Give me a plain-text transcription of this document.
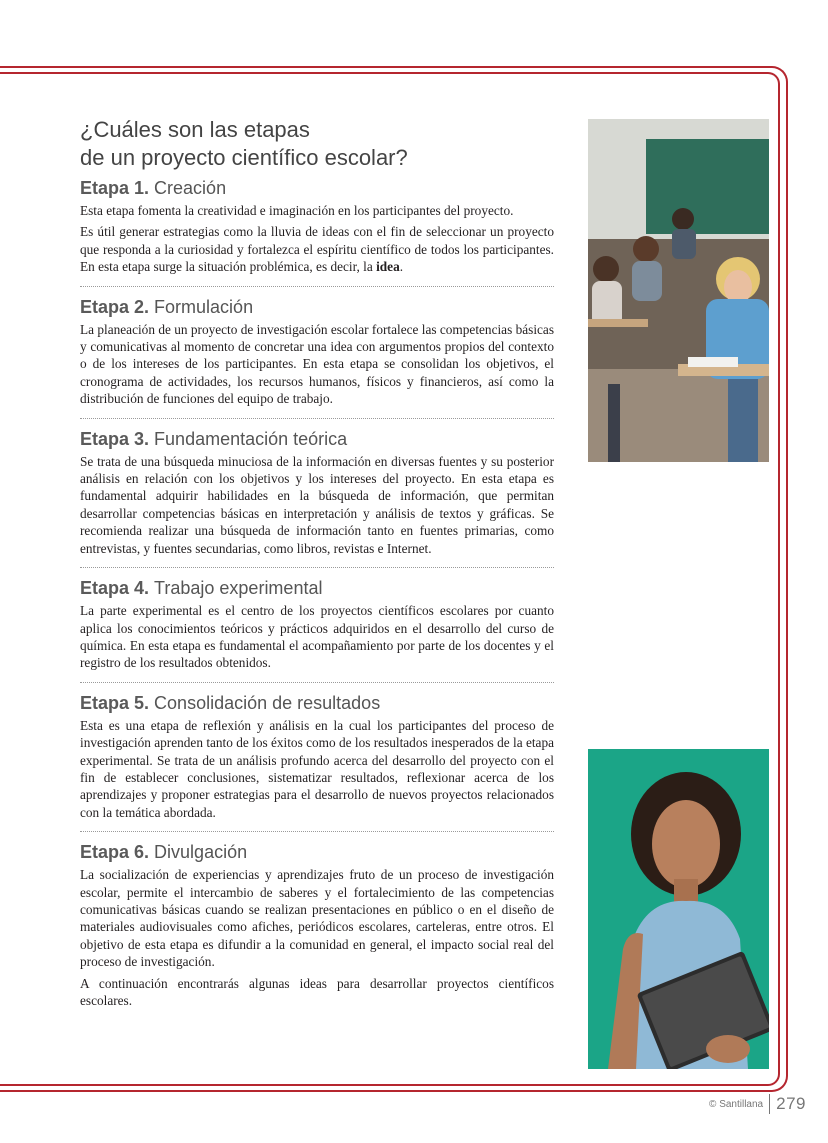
¿Cuáles son las etapas
de un proyecto científico escolar?
Etapa 1. Creación

Esta etapa fomenta la creatividad e imaginación en los participantes del proyecto.

Es útil generar estrategias como la lluvia de ideas con el fin de seleccionar un proyecto que responda a la curiosidad y fortalezca el espíritu científico de todos los participantes. En esta etapa surge la situación problémica, es decir, la idea.

Etapa 2. Formulación

La planeación de un proyecto de investigación escolar fortalece las competencias básicas y comunicativas al momento de concretar una idea con argumentos propios del contexto o de los intereses de los participantes. En esta etapa se consolidan los objetivos, el cronograma de actividades, los recursos humanos, físicos y financieros, así como la distribución de funciones del equipo de trabajo.

Etapa 3. Fundamentación teórica

Se trata de una búsqueda minuciosa de la información en diversas fuentes y su posterior análisis en relación con los objetivos y los intereses del proyecto. En esta etapa es fundamental adquirir habilidades en la búsqueda de información, que permitan desarrollar competencias básicas en interpretación y análisis de textos y gráficas. Se recomienda realizar una búsqueda de información tanto en fuentes primarias, como entrevistas, y fuentes secundarias, como libros, revistas e Internet.

Etapa 4. Trabajo experimental

La parte experimental es el centro de los proyectos científicos escolares por cuanto aplica los conocimientos teóricos y prácticos adquiridos en el desarrollo del curso de química. En esta etapa es fundamental el acompañamiento por parte de los docentes y el registro de los resultados obtenidos.

Etapa 5. Consolidación de resultados

Esta es una etapa de reflexión y análisis en la cual los participantes del proceso de investigación aprenden tanto de los éxitos como de los resultados inesperados de la etapa experimental. Se trata de un análisis profundo acerca del desarrollo del proyecto con el fin de establecer conclusiones, sistematizar resultados, reflexionar acerca de los aprendizajes y proponer estrategias para el desarrollo de nuevos proyectos relacionados con la temática abordada.

Etapa 6. Divulgación

La socialización de experiencias y aprendizajes fruto de un proceso de investigación escolar, permite el intercambio de saberes y el fortalecimiento de las competencias comunicativas básicas cuando se realizan presentaciones en público o en el diseño de materiales audiovisuales como afiches, periódicos escolares, carteleras, entre otros. El objetivo de esta etapa es difundir a la comunidad en general, el impacto social real del proceso de investigación.

A continuación encontrarás algunas ideas para desarrollar proyectos científicos escolares.

© Santillana 279
